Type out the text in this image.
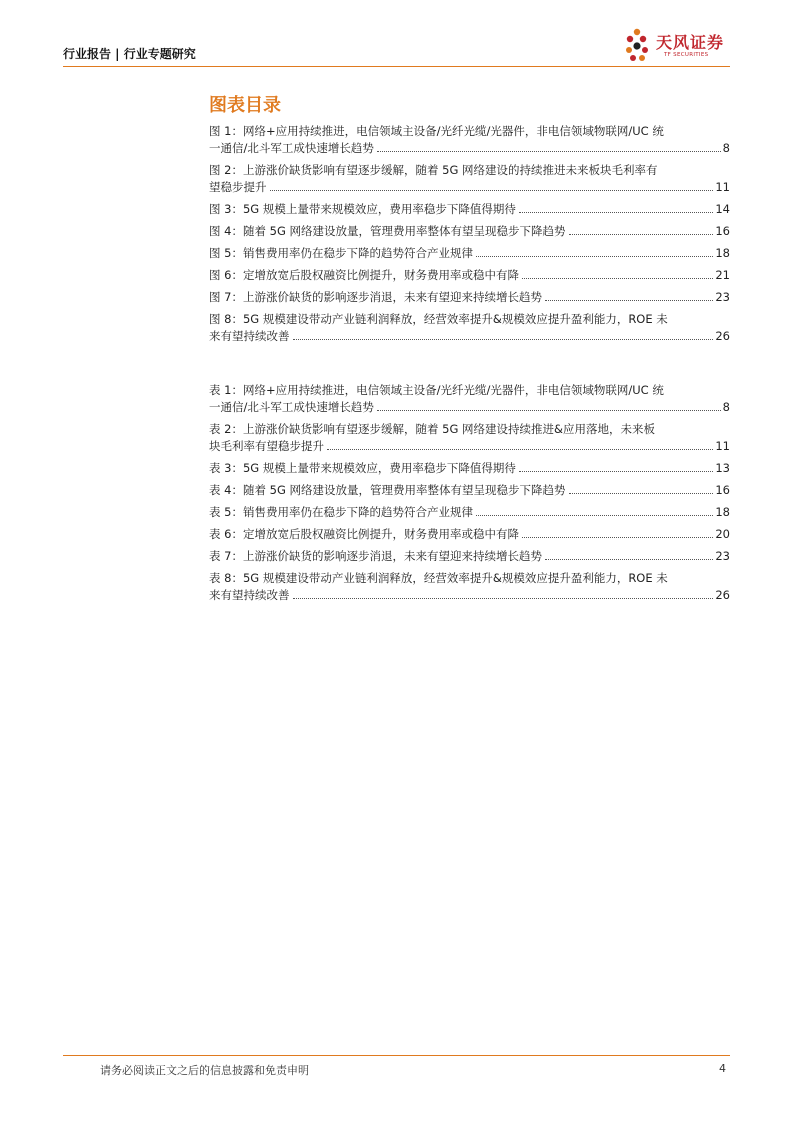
行业报告 | 行业专题研究
天风证券
TF SECURITIES
图表目录
图 1：网络+应用持续推进，电信领域主设备/光纤光缆/光器件，非电信领域物联网/UC 统
一通信/北斗军工成快速增长趋势	8
图 2：上游涨价缺货影响有望逐步缓解，随着 5G 网络建设的持续推进未来板块毛利率有
望稳步提升	11
图 3：5G 规模上量带来规模效应，费用率稳步下降值得期待	14
图 4：随着 5G 网络建设放量，管理费用率整体有望呈现稳步下降趋势	16
图 5：销售费用率仍在稳步下降的趋势符合产业规律	18
图 6：定增放宽后股权融资比例提升，财务费用率或稳中有降	21
图 7：上游涨价缺货的影响逐步消退，未来有望迎来持续增长趋势	23
图 8：5G 规模建设带动产业链利润释放，经营效率提升&规模效应提升盈利能力，ROE 未
来有望持续改善	26
表 1：网络+应用持续推进，电信领域主设备/光纤光缆/光器件，非电信领域物联网/UC 统
一通信/北斗军工成快速增长趋势	8
表 2：上游涨价缺货影响有望逐步缓解，随着 5G 网络建设持续推进&应用落地，未来板
块毛利率有望稳步提升	11
表 3：5G 规模上量带来规模效应，费用率稳步下降值得期待	13
表 4：随着 5G 网络建设放量，管理费用率整体有望呈现稳步下降趋势	16
表 5：销售费用率仍在稳步下降的趋势符合产业规律	18
表 6：定增放宽后股权融资比例提升，财务费用率或稳中有降	20
表 7：上游涨价缺货的影响逐步消退，未来有望迎来持续增长趋势	23
表 8：5G 规模建设带动产业链利润释放，经营效率提升&规模效应提升盈利能力，ROE 未
来有望持续改善	26
请务必阅读正文之后的信息披露和免责申明	4
